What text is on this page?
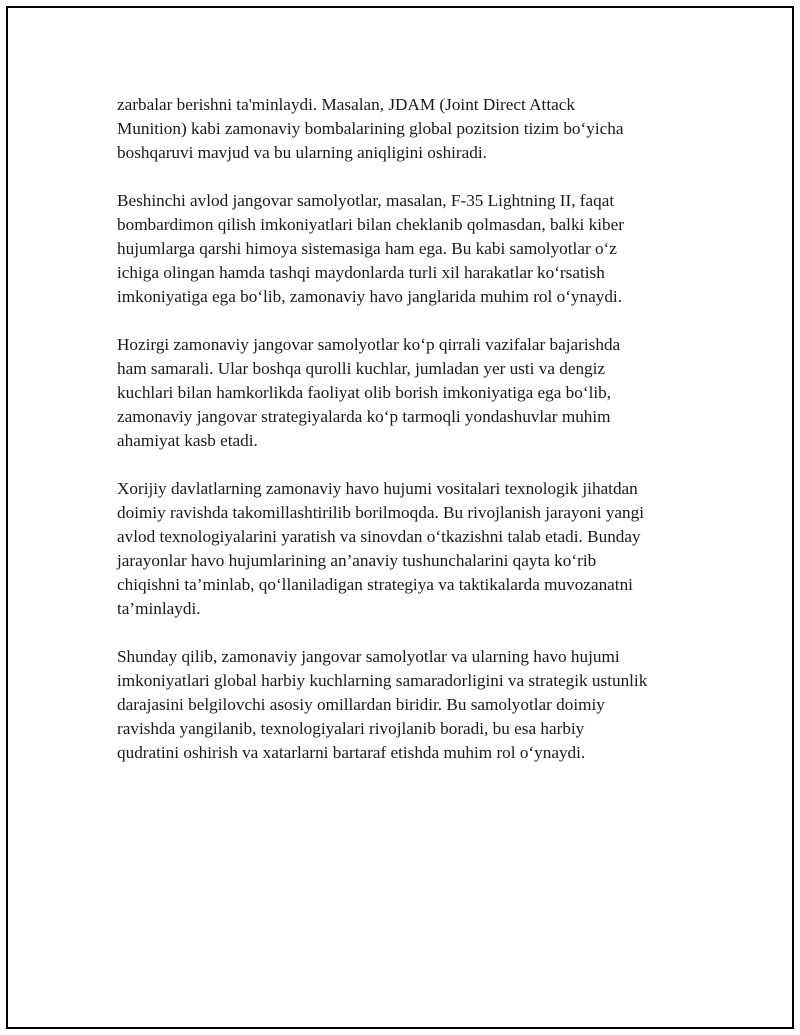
zarbalar berishni ta'minlaydi. Masalan, JDAM (Joint Direct Attack
Munition) kabi zamonaviy bombalarining global pozitsion tizim bo‘yicha
boshqaruvi mavjud va bu ularning aniqligini oshiradi.

Beshinchi avlod jangovar samolyotlar, masalan, F-35 Lightning II, faqat
bombardimon qilish imkoniyatlari bilan cheklanib qolmasdan, balki kiber
hujumlarga qarshi himoya sistemasiga ham ega. Bu kabi samolyotlar o‘z
ichiga olingan hamda tashqi maydonlarda turli xil harakatlar ko‘rsatish
imkoniyatiga ega bo‘lib, zamonaviy havo janglarida muhim rol o‘ynaydi.

Hozirgi zamonaviy jangovar samolyotlar ko‘p qirrali vazifalar bajarishda
ham samarali. Ular boshqa qurolli kuchlar, jumladan yer usti va dengiz
kuchlari bilan hamkorlikda faoliyat olib borish imkoniyatiga ega bo‘lib,
zamonaviy jangovar strategiyalarda ko‘p tarmoqli yondashuvlar muhim
ahamiyat kasb etadi.

Xorijiy davlatlarning zamonaviy havo hujumi vositalari texnologik jihatdan
doimiy ravishda takomillashtirilib borilmoqda. Bu rivojlanish jarayoni yangi
avlod texnologiyalarini yaratish va sinovdan o‘tkazishni talab etadi. Bunday
jarayonlar havo hujumlarining an’anaviy tushunchalarini qayta ko‘rib
chiqishni ta’minlab, qo‘llaniladigan strategiya va taktikalarda muvozanatni
ta’minlaydi.

Shunday qilib, zamonaviy jangovar samolyotlar va ularning havo hujumi
imkoniyatlari global harbiy kuchlarning samaradorligini va strategik ustunlik
darajasini belgilovchi asosiy omillardan biridir. Bu samolyotlar doimiy
ravishda yangilanib, texnologiyalari rivojlanib boradi, bu esa harbiy
qudratini oshirish va xatarlarni bartaraf etishda muhim rol o‘ynaydi.
